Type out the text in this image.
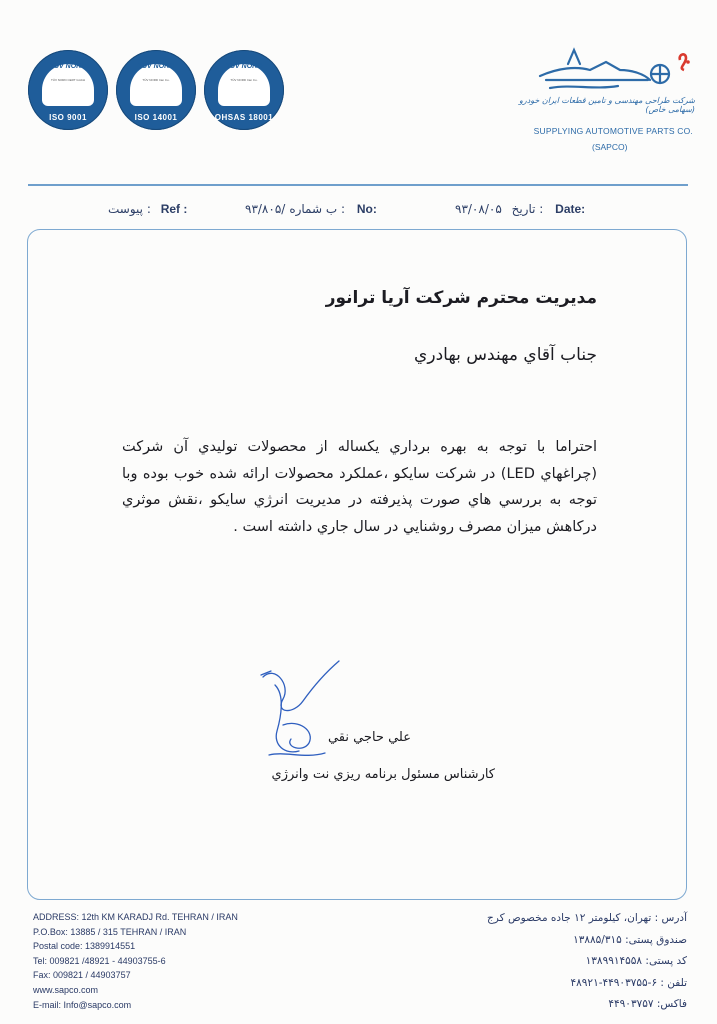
TUV NORD
TÜV NORD CERT GmbH
ISO 9001
TUV NORD
TÜV NORD Iran Co.
ISO 14001
TUV NORD
TÜV NORD Iran Co.
OHSAS 18001
شرکت طراحی مهندسی و تامین قطعات ایران خودرو (سهامی خاص)
SUPPLYING AUTOMOTIVE PARTS CO.
(SAPCO)
پیوست : Ref :	۹۳/۸۰۵/ب شماره : No:	۹۳/۰۸/۰۵ تاریخ : Date:
مديريت محترم شركت آريا ترانور
جناب آقاي مهندس بهادري
احتراما با توجه به بهره برداري يكساله از محصولات توليدي آن شركت (چراغهاي LED) در شركت سايكو ،عملكرد محصولات ارائه شده خوب بوده وبا توجه به بررسي هاي صورت پذيرفته در مديريت انرژي سايكو ،نقش موثري دركاهش ميزان مصرف روشنايي در سال جاري داشته است .
علي حاجي نقي
كارشناس مسئول برنامه ريزي نت وانرژي
ADDRESS: 12th KM KARADJ Rd. TEHRAN / IRAN
P.O.Box: 13885 / 315 TEHRAN / IRAN
Postal code: 1389914551
Tel: 009821 /48921 - 44903755-6
Fax: 009821 / 44903757
www.sapco.com
E-mail: Info@sapco.com
آدرس : تهران، كيلومتر ۱۲ جاده مخصوص كرج
صندوق پستی: ۱۳۸۸۵/۳۱۵
كد پستی: ۱۳۸۹۹۱۴۵۵۸
تلفن : ۶-۴۴۹۰۳۷۵۵-۴۸۹۲۱
فاکس: ۴۴۹۰۳۷۵۷
